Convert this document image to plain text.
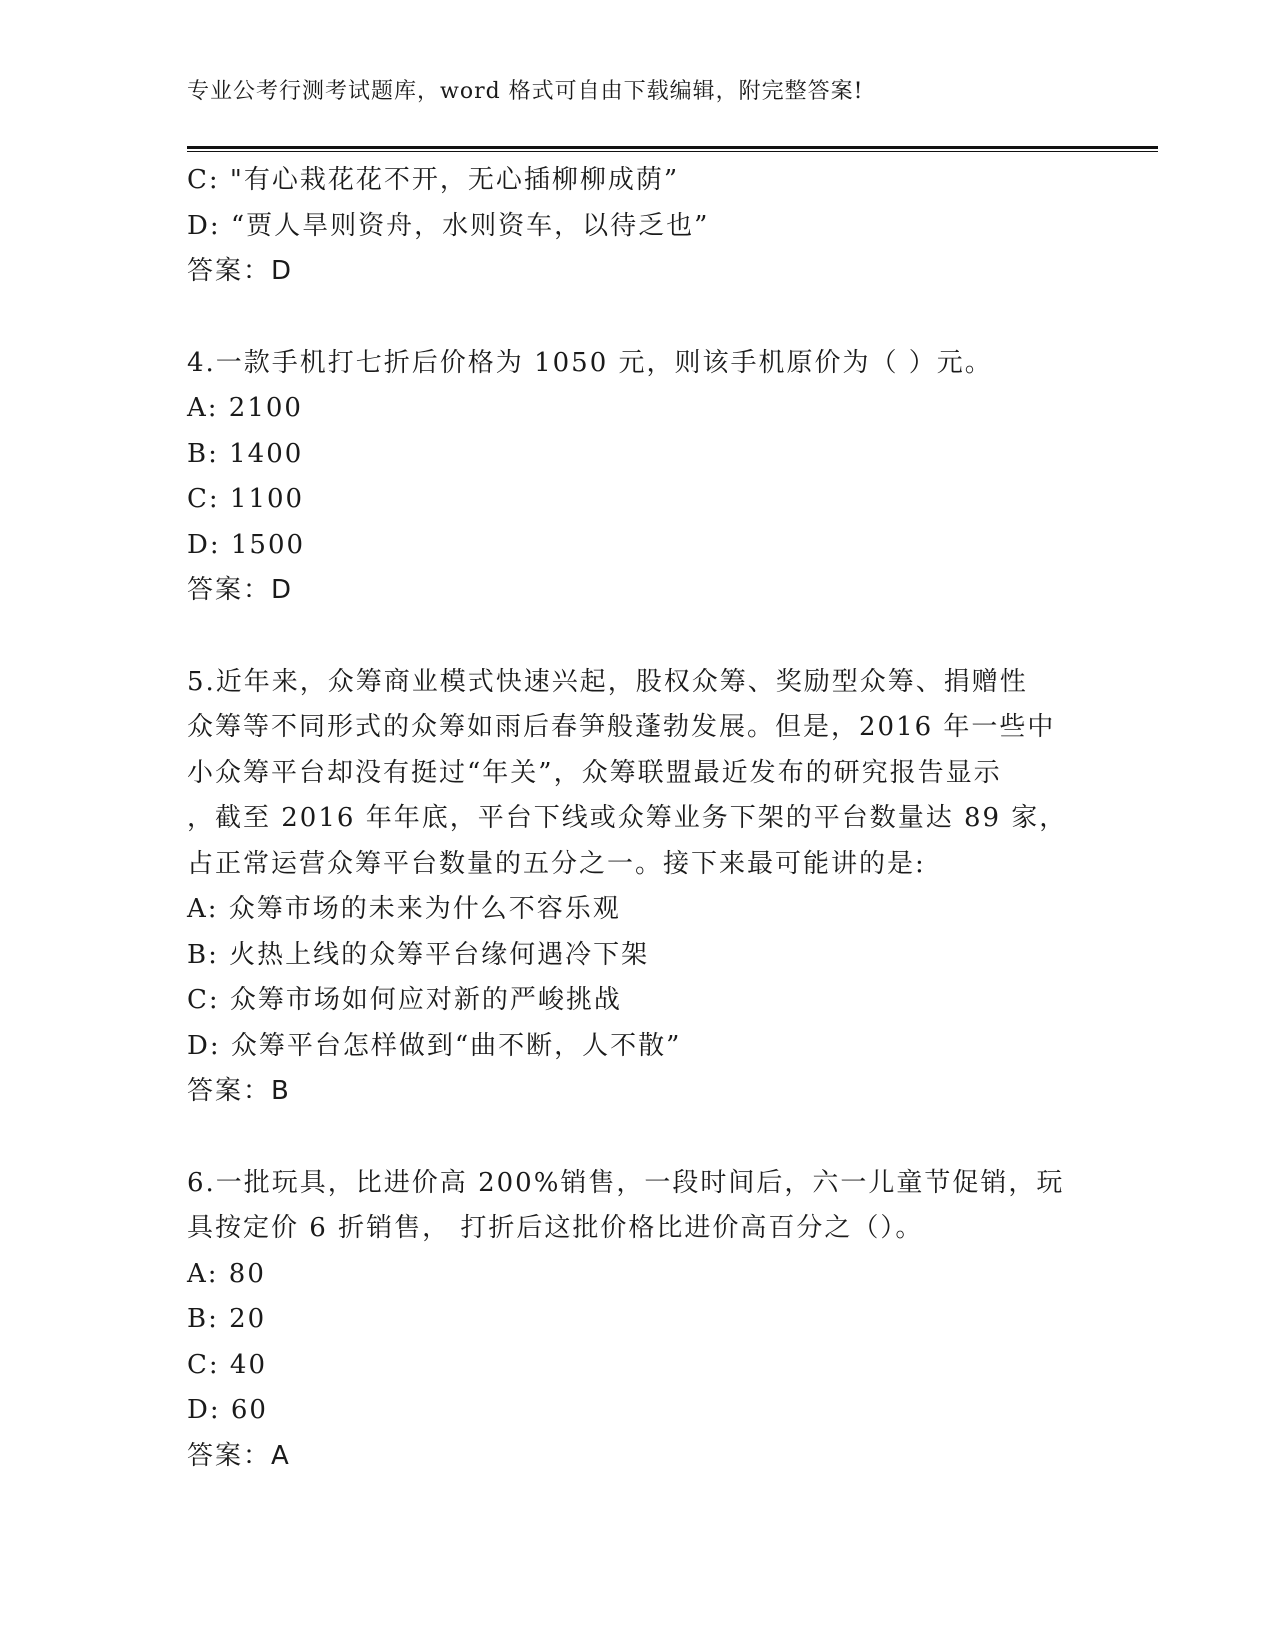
专业公考行测考试题库，word 格式可自由下载编辑，附完整答案!
C: "有心栽花花不开，无心插柳柳成荫”
D: “贾人旱则资舟，水则资车，以待乏也”
答案：D
4.一款手机打七折后价格为 1050 元，则该手机原价为（ ）元。
A: 2100
B: 1400
C: 1100
D: 1500
答案：D
5.近年来，众筹商业模式快速兴起，股权众筹、奖励型众筹、捐赠性
众筹等不同形式的众筹如雨后春笋般蓬勃发展。但是，2016 年一些中
小众筹平台却没有挺过“年关”，众筹联盟最近发布的研究报告显示
，截至 2016 年年底，平台下线或众筹业务下架的平台数量达 89 家，
占正常运营众筹平台数量的五分之一。接下来最可能讲的是:
A: 众筹市场的未来为什么不容乐观
B: 火热上线的众筹平台缘何遇冷下架
C: 众筹市场如何应对新的严峻挑战
D: 众筹平台怎样做到“曲不断，人不散”
答案：B
6.一批玩具，比进价高 200%销售，一段时间后，六一儿童节促销，玩
具按定价 6 折销售， 打折后这批价格比进价高百分之（）。
A: 80
B: 20
C: 40
D: 60
答案：A
